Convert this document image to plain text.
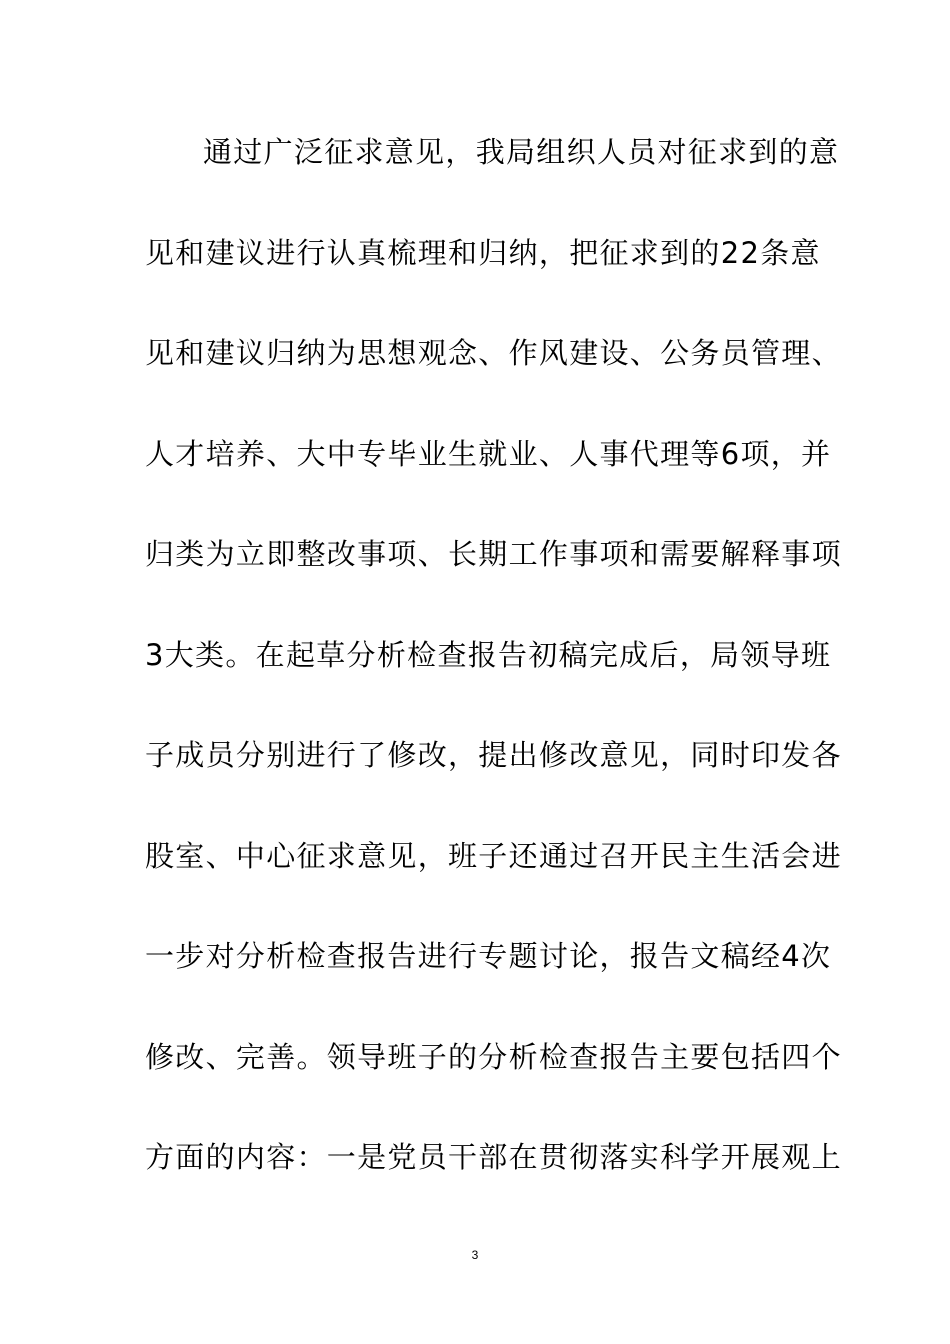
通过广泛征求意见，我局组织人员对征求到的意
见和建议进行认真梳理和归纳，把征求到的22条意
见和建议归纳为思想观念、作风建设、公务员管理、
人才培养、大中专毕业生就业、人事代理等6项，并
归类为立即整改事项、长期工作事项和需要解释事项
3大类。在起草分析检查报告初稿完成后，局领导班
子成员分别进行了修改，提出修改意见，同时印发各
股室、中心征求意见，班子还通过召开民主生活会进
一步对分析检查报告进行专题讨论，报告文稿经4次
修改、完善。领导班子的分析检查报告主要包括四个
方面的内容：一是党员干部在贯彻落实科学开展观上
3
